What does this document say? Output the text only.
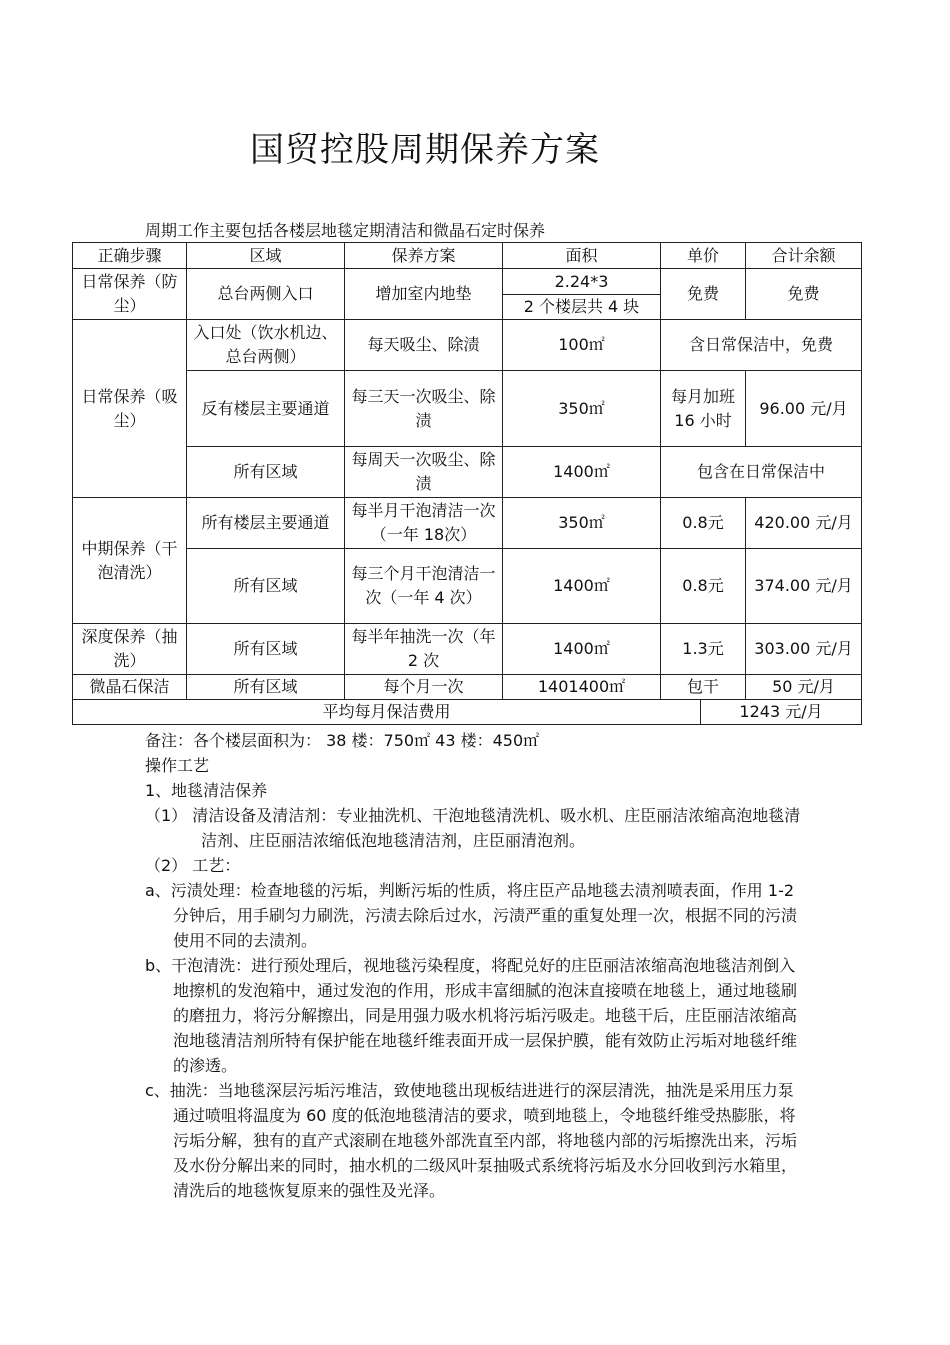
国贸控股周期保养方案
周期工作主要包括各楼层地毯定期清洁和微晶石定时保养
正确步骤	区域	保养方案	面积	单价		合计余额
日常保养（防尘）	总台两侧入口	增加室内地垫	2.24*3	免费		免费
			2 个楼层共 4 块			
日常保养（吸尘）	入口处（饮水机边、总台两侧）	每天吸尘、除渍	100㎡	含日常保洁中，免费		
	反有楼层主要通道	每三天一次吸尘、除渍	350㎡	每月加班 16 小时		96.00 元/月
	所有区域	每周天一次吸尘、除渍	1400㎡	包含在日常保洁中		
中期保养（干泡清洗）	所有楼层主要通道	每半月干泡清洁一次（一年 18次）	350㎡	0.8元		420.00 元/月
	所有区域	每三个月干泡清洁一次（一年 4 次）	1400㎡	0.8元		374.00 元/月
深度保养（抽洗）	所有区域	每半年抽洗一次（年 2 次	1400㎡	1.3元		303.00 元/月
微晶石保洁	所有区域	每个月一次	1401400㎡	包干		50 元/月
平均每月保洁费用					1243 元/月	

备注：各个楼层面积为： 38 楼：750㎡ 43 楼：450㎡

操作工艺

1、地毯清洁保养

（1） 清洁设备及清洁剂：专业抽洗机、干泡地毯清洗机、吸水机、庄臣丽洁浓缩高泡地毯清洁剂、庄臣丽洁浓缩低泡地毯清洁剂，庄臣丽清泡剂。

（2） 工艺：

a、污渍处理：检查地毯的污垢，判断污垢的性质，将庄臣产品地毯去渍剂喷表面，作用 1-2 分钟后，用手刷匀力刷洗，污渍去除后过水，污渍严重的重复处理一次，根据不同的污渍使用不同的去渍剂。

b、干泡清洗：进行预处理后，视地毯污染程度，将配兑好的庄臣丽洁浓缩高泡地毯洁剂倒入地擦机的发泡箱中，通过发泡的作用，形成丰富细腻的泡沫直接喷在地毯上，通过地毯刷的磨扭力，将污分解擦出，同是用强力吸水机将污垢污吸走。地毯干后，庄臣丽洁浓缩高泡地毯清洁剂所特有保护能在地毯纤维表面开成一层保护膜，能有效防止污垢对地毯纤维的渗透。

c、抽洗：当地毯深层污垢污堆洁，致使地毯出现板结进进行的深层清洗，抽洗是采用压力泵通过喷咀将温度为 60 度的低泡地毯清洁的要求，喷到地毯上，令地毯纤维受热膨胀，将污垢分解，独有的直产式滚刷在地毯外部洗直至内部，将地毯内部的污垢擦洗出来，污垢及水份分解出来的同时，抽水机的二级风叶泵抽吸式系统将污垢及水分回收到污水箱里，清洗后的地毯恢复原来的强性及光泽。
